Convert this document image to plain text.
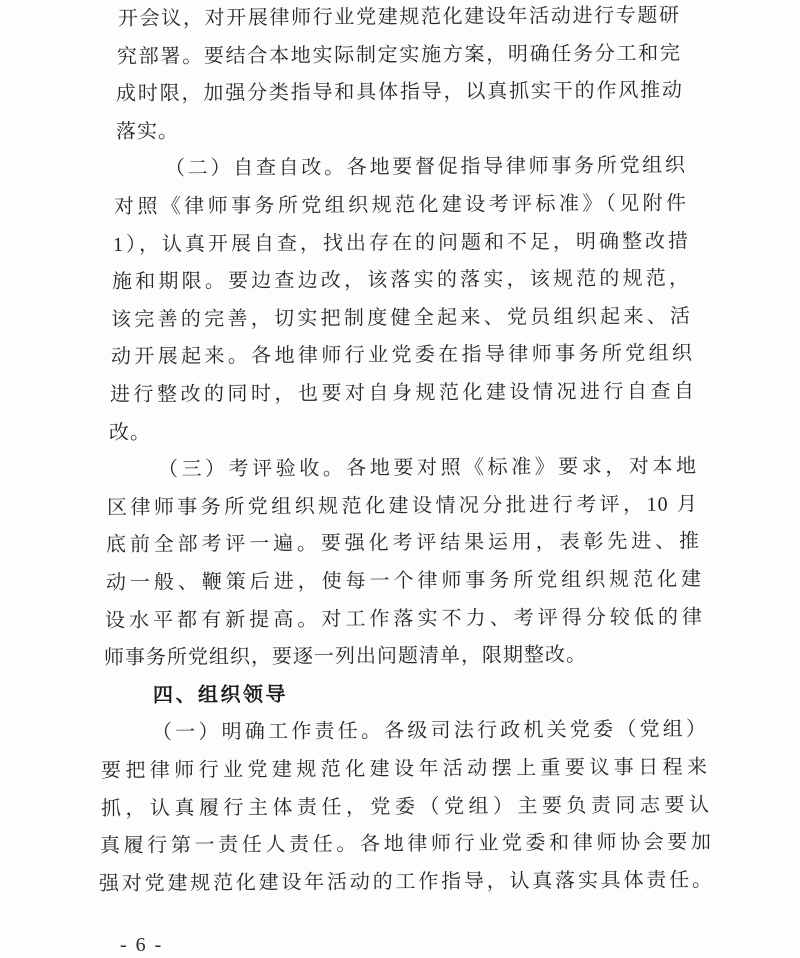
开会议，对开展律师行业党建规范化建设年活动进行专题研
究部署。要结合本地实际制定实施方案，明确任务分工和完
成时限，加强分类指导和具体指导，以真抓实干的作风推动
落实。
（二）自查自改。各地要督促指导律师事务所党组织
对照《律师事务所党组织规范化建设考评标准》（见附件
1），认真开展自查，找出存在的问题和不足，明确整改措
施和期限。要边查边改，该落实的落实，该规范的规范，
该完善的完善，切实把制度健全起来、党员组织起来、活
动开展起来。各地律师行业党委在指导律师事务所党组织
进行整改的同时，也要对自身规范化建设情况进行自查自
改。
（三）考评验收。各地要对照《标准》要求，对本地
区律师事务所党组织规范化建设情况分批进行考评，10 月
底前全部考评一遍。要强化考评结果运用，表彰先进、推
动一般、鞭策后进，使每一个律师事务所党组织规范化建
设水平都有新提高。对工作落实不力、考评得分较低的律
师事务所党组织，要逐一列出问题清单，限期整改。
四、组织领导
（一）明确工作责任。各级司法行政机关党委（党组）
要把律师行业党建规范化建设年活动摆上重要议事日程来
抓，认真履行主体责任，党委（党组）主要负责同志要认
真履行第一责任人责任。各地律师行业党委和律师协会要加
强对党建规范化建设年活动的工作指导，认真落实具体责任。
- 6 -
